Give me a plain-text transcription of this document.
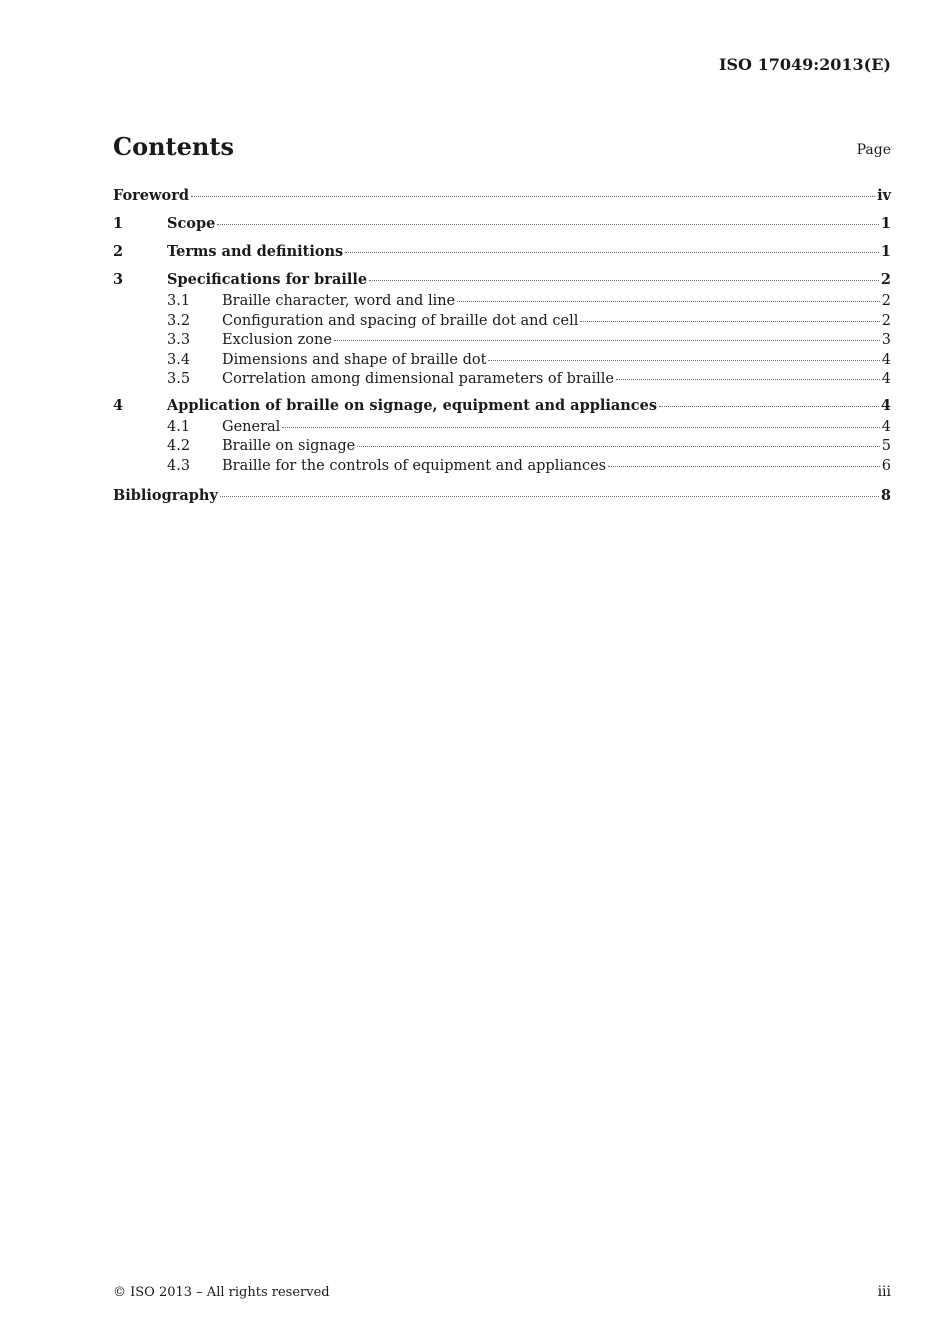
ISO 17049:2013(E)
Contents	Page
Foreword	iv
1	Scope	1
2	Terms and definitions	1
3	Specifications for braille	2
3.1	Braille character, word and line	2
3.2	Configuration and spacing of braille dot and cell	2
3.3	Exclusion zone	3
3.4	Dimensions and shape of braille dot	4
3.5	Correlation among dimensional parameters of braille	4
4	Application of braille on signage, equipment and appliances	4
4.1	General	4
4.2	Braille on signage	5
4.3	Braille for the controls of equipment and appliances	6
Bibliography	8
© ISO 2013 – All rights reserved	iii
